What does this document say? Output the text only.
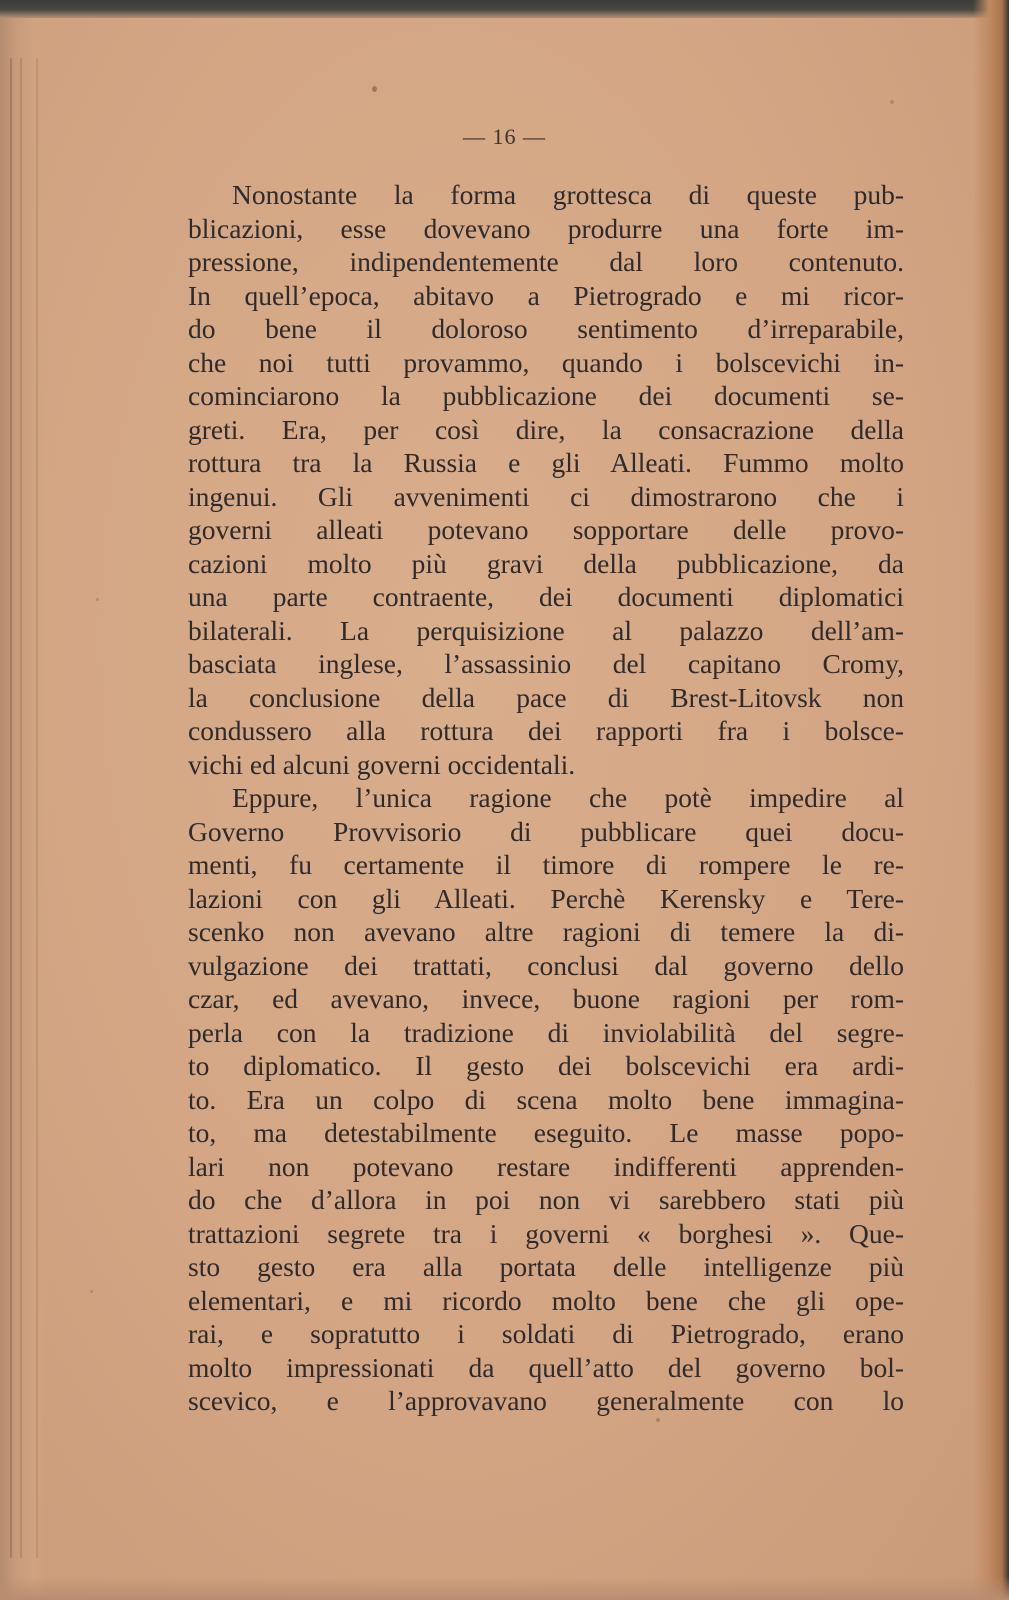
— 16 —
Nonostante la forma grottesca di queste pub-
blicazioni, esse dovevano produrre una forte im-
pressione, indipendentemente dal loro contenuto.
In quell’epoca, abitavo a Pietrogrado e mi ricor-
do bene il doloroso sentimento d’irreparabile,
che noi tutti provammo, quando i bolscevichi in-
cominciarono la pubblicazione dei documenti se-
greti. Era, per così dire, la consacrazione della
rottura tra la Russia e gli Alleati. Fummo molto
ingenui. Gli avvenimenti ci dimostrarono che i
governi alleati potevano sopportare delle provo-
cazioni molto più gravi della pubblicazione, da
una parte contraente, dei documenti diplomatici
bilaterali. La perquisizione al palazzo dell’am-
basciata inglese, l’assassinio del capitano Cromy,
la conclusione della pace di Brest-Litovsk non
condussero alla rottura dei rapporti fra i bolsce-
vichi ed alcuni governi occidentali.
Eppure, l’unica ragione che potè impedire al
Governo Provvisorio di pubblicare quei docu-
menti, fu certamente il timore di rompere le re-
lazioni con gli Alleati. Perchè Kerensky e Tere-
scenko non avevano altre ragioni di temere la di-
vulgazione dei trattati, conclusi dal governo dello
czar, ed avevano, invece, buone ragioni per rom-
perla con la tradizione di inviolabilità del segre-
to diplomatico. Il gesto dei bolscevichi era ardi-
to. Era un colpo di scena molto bene immagina-
to, ma detestabilmente eseguito. Le masse popo-
lari non potevano restare indifferenti apprenden-
do che d’allora in poi non vi sarebbero stati più
trattazioni segrete tra i governi « borghesi ». Que-
sto gesto era alla portata delle intelligenze più
elementari, e mi ricordo molto bene che gli ope-
rai, e sopratutto i soldati di Pietrogrado, erano
molto impressionati da quell’atto del governo bol-
scevico, e l’approvavano generalmente con lo
